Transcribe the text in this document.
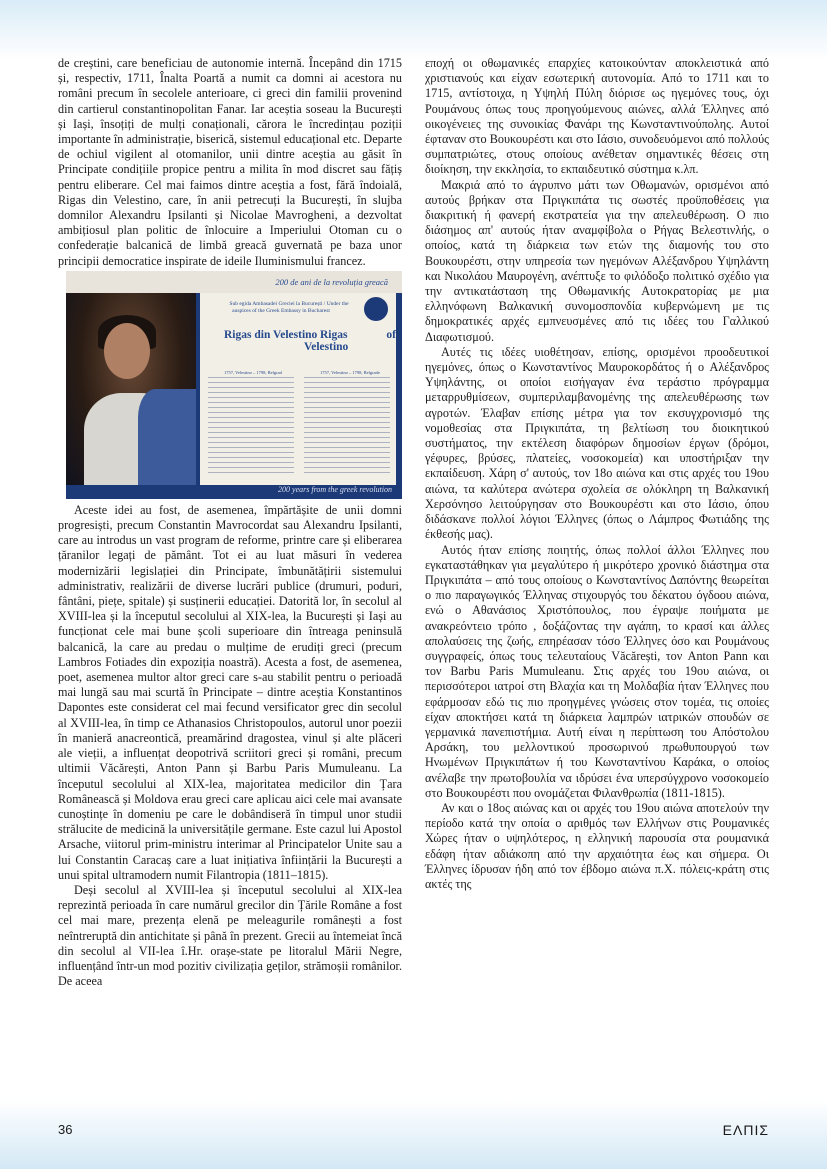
de creștini, care beneficiau de autonomie internă. Începând din 1715 și, respectiv, 1711, Înalta Poartă a numit ca domni ai acestora nu români precum în secolele anterioare, ci greci din familii provenind din cartierul constantinopolitan Fanar. Iar aceștia soseau la București și Iași, însoțiți de mulți conaționali, cărora le încredințau poziții importante în administrație, biserică, sistemul educațional etc. Departe de ochiul vigilent al otomanilor, unii dintre aceștia au găsit în Principate condițiile propice pentru a milita în mod discret sau fățiș pentru eliberare. Cel mai faimos dintre aceștia a fost, fără îndoială, Rigas din Velestino, care, în anii petrecuți la București, în slujba domnilor Alexandru Ipsilanti și Nicolae Mavrogheni, a dezvoltat ambițiosul plan politic de înlocuire a Imperiului Otoman cu o confederație balcanică de limbă greacă guvernată pe baza unor principii democratice inspirate de ideile Iluminismului francez.

200 de ani de la revoluția greacă
Sub egida Ambasadei Greciei la București / Under the auspices of the Greek Embassy in Bucharest
Rigas din Velestino Rigas of Velestino
1757, Velestino – 1798, Belgrad	1757, Velestino – 1798, Belgrade
200 years from the greek revolution
Aceste idei au fost, de asemenea, împărtășite de unii domni progresiști, precum Constantin Mavrocordat sau Alexandru Ipsilanti, care au introdus un vast program de reforme, printre care și eliberarea țăranilor legați de pământ. Tot ei au luat măsuri în vederea modernizării legislației din Principate, îmbunătățirii sistemului administrativ, realizării de diverse lucrări publice (drumuri, poduri, fântâni, piețe, spitale) și susținerii educației. Datorită lor, în secolul al XVIII-lea și la începutul secolului al XIX-lea, la București și Iași au funcționat cele mai bune școli superioare din întreaga peninsulă balcanică, la care au predau o mulțime de erudiți greci (precum Lambros Fotiades din expoziția noastră). Acesta a fost, de asemenea, poet, asemenea multor altor greci care s-au stabilit pentru o perioadă mai lungă sau mai scurtă în Principate – dintre aceștia Konstantinos Dapontes este considerat cel mai fecund versificator grec din secolul al XVIII-lea, în timp ce Athanasios Christopoulos, autorul unor poezii în manieră anacreontică, preamărind dragostea, vinul și alte plăceri ale vieții, a influențat deopotrivă scriitori greci și români, precum ultimii Văcărești, Anton Pann și Barbu Paris Mumuleanu. La începutul secolului al XIX-lea, majoritatea medicilor din Țara Românească și Moldova erau greci care aplicau aici cele mai avansate cunoștințe în domeniu pe care le dobândiseră în timpul unor studii strălucite de medicină la universitățile germane. Este cazul lui Apostol Arsache, viitorul prim-ministru interimar al Principatelor Unite sau a lui Constantin Caracaș care a luat inițiativa înființării la București a unui spital ultramodern numit Filantropia (1811–1815).

Deși secolul al XVIII-lea și începutul secolului al XIX-lea reprezintă perioada în care numărul grecilor din Țările Române a fost cel mai mare, prezența elenă pe meleagurile românești a fost neîntreruptă din antichitate și până în prezent. Grecii au întemeiat încă din secolul al VII-lea î.Hr. orașe-state pe litoralul Mării Negre, influențând într-un mod pozitiv civilizația geților, strămoșii românilor. De aceea

εποχή οι οθωμανικές επαρχίες κατοικούνταν αποκλειστικά από χριστιανούς και είχαν εσωτερική αυτονομία. Από το 1711 και το 1715, αντίστοιχα, η Υψηλή Πύλη διόρισε ως ηγεμόνες τους, όχι Ρουμάνους όπως τους προηγούμενους αιώνες, αλλά Έλληνες από οικογένειες της συνοικίας Φανάρι της Κωνσταντινούπολης. Αυτοί έφταναν στο Βουκουρέστι και στο Ιάσιο, συνοδευόμενοι από πολλούς συμπατριώτες, στους οποίους ανέθεταν σημαντικές θέσεις στη διοίκηση, την εκκλησία, το εκπαιδευτικό σύστημα κ.λπ.

Μακριά από το άγρυπνο μάτι των Οθωμανών, ορισμένοι από αυτούς βρήκαν στα Πριγκιπάτα τις σωστές προϋποθέσεις για διακριτική ή φανερή εκστρατεία για την απελευθέρωση. Ο πιο διάσημος απ' αυτούς ήταν αναμφίβολα ο Ρήγας Βελεστινλής, ο οποίος, κατά τη διάρκεια των ετών της διαμονής του στο Βουκουρέστι, στην υπηρεσία των ηγεμόνων Αλέξανδρου Υψηλάντη και Νικολάου Μαυρογένη, ανέπτυξε το φιλόδοξο πολιτικό σχέδιο για την αντικατάσταση της Οθωμανικής Αυτοκρατορίας με μια ελληνόφωνη Βαλκανική συνομοσπονδία κυβερνώμενη με τις δημοκρατικές αρχές εμπνευσμένες από τις ιδέες του Γαλλικού Διαφωτισμού.

Αυτές τις ιδέες υιοθέτησαν, επίσης, ορισμένοι προοδευτικοί ηγεμόνες, όπως ο Κωνσταντίνος Μαυροκορδάτος ή ο Αλέξανδρος Υψηλάντης, οι οποίοι εισήγαγαν ένα τεράστιο πρόγραμμα μεταρρυθμίσεων, συμπεριλαμβανομένης της απελευθέρωσης των αγροτών. Έλαβαν επίσης μέτρα για τον εκσυγχρονισμό της νομοθεσίας στα Πριγκιπάτα, τη βελτίωση του διοικητικού συστήματος, την εκτέλεση διαφόρων δημοσίων έργων (δρόμοι, γέφυρες, βρύσες, πλατείες, νοσοκομεία) και υποστήριξαν την εκπαίδευση. Χάρη σ' αυτούς, τον 18ο αιώνα και στις αρχές του 19ου αιώνα, τα καλύτερα ανώτερα σχολεία σε ολόκληρη τη Βαλκανική Χερσόνησο λειτούργησαν στο Βουκουρέστι και στο Ιάσιο, όπου διδάσκανε πολλοί λόγιοι Έλληνες (όπως ο Λάμπρος Φωτιάδης της έκθεσής μας).

Αυτός ήταν επίσης ποιητής, όπως πολλοί άλλοι Έλληνες που εγκαταστάθηκαν για μεγαλύτερο ή μικρότερο χρονικό διάστημα στα Πριγκιπάτα – από τους οποίους ο Κωνσταντίνος Δαπόντης θεωρείται ο πιο παραγωγικός Έλληνας στιχουργός του δέκατου όγδοου αιώνα, ενώ ο Αθανάσιος Χριστόπουλος, που έγραψε ποιήματα με ανακρεόντειο τρόπο , δοξάζοντας την αγάπη, το κρασί και άλλες απολαύσεις της ζωής, επηρέασαν τόσο Έλληνες όσο και Ρουμάνους συγγραφείς, όπως τους τελευταίους Văcărești, τον Anton Pann και τον Barbu Paris Mumuleanu. Στις αρχές του 19ου αιώνα, οι περισσότεροι ιατροί στη Βλαχία και τη Μολδαβία ήταν Έλληνες που εφάρμοσαν εδώ τις πιο προηγμένες γνώσεις στον τομέα, τις οποίες είχαν αποκτήσει κατά τη διάρκεια λαμπρών ιατρικών σπουδών σε γερμανικά πανεπιστήμια. Αυτή είναι η περίπτωση του Απόστολου Αρσάκη, του μελλοντικού προσωρινού πρωθυπουργού των Ηνωμένων Πριγκιπάτων ή του Κωνσταντίνου Καράκα, ο οποίος ανέλαβε την πρωτοβουλία να ιδρύσει ένα υπερσύγχρονο νοσοκομείο στο Βουκουρέστι που ονομάζεται Φιλανθρωπία (1811-1815).

Αν και ο 18ος αιώνας και οι αρχές του 19ου αιώνα αποτελούν την περίοδο κατά την οποία ο αριθμός των Ελλήνων στις Ρουμανικές Χώρες ήταν ο υψηλότερος, η ελληνική παρουσία στα ρουμανικά εδάφη ήταν αδιάκοπη από την αρχαιότητα έως και σήμερα. Οι Έλληνες ίδρυσαν ήδη από τον έβδομο αιώνα π.Χ. πόλεις-κράτη στις ακτές της

36	ΕΛΠΙΣ
